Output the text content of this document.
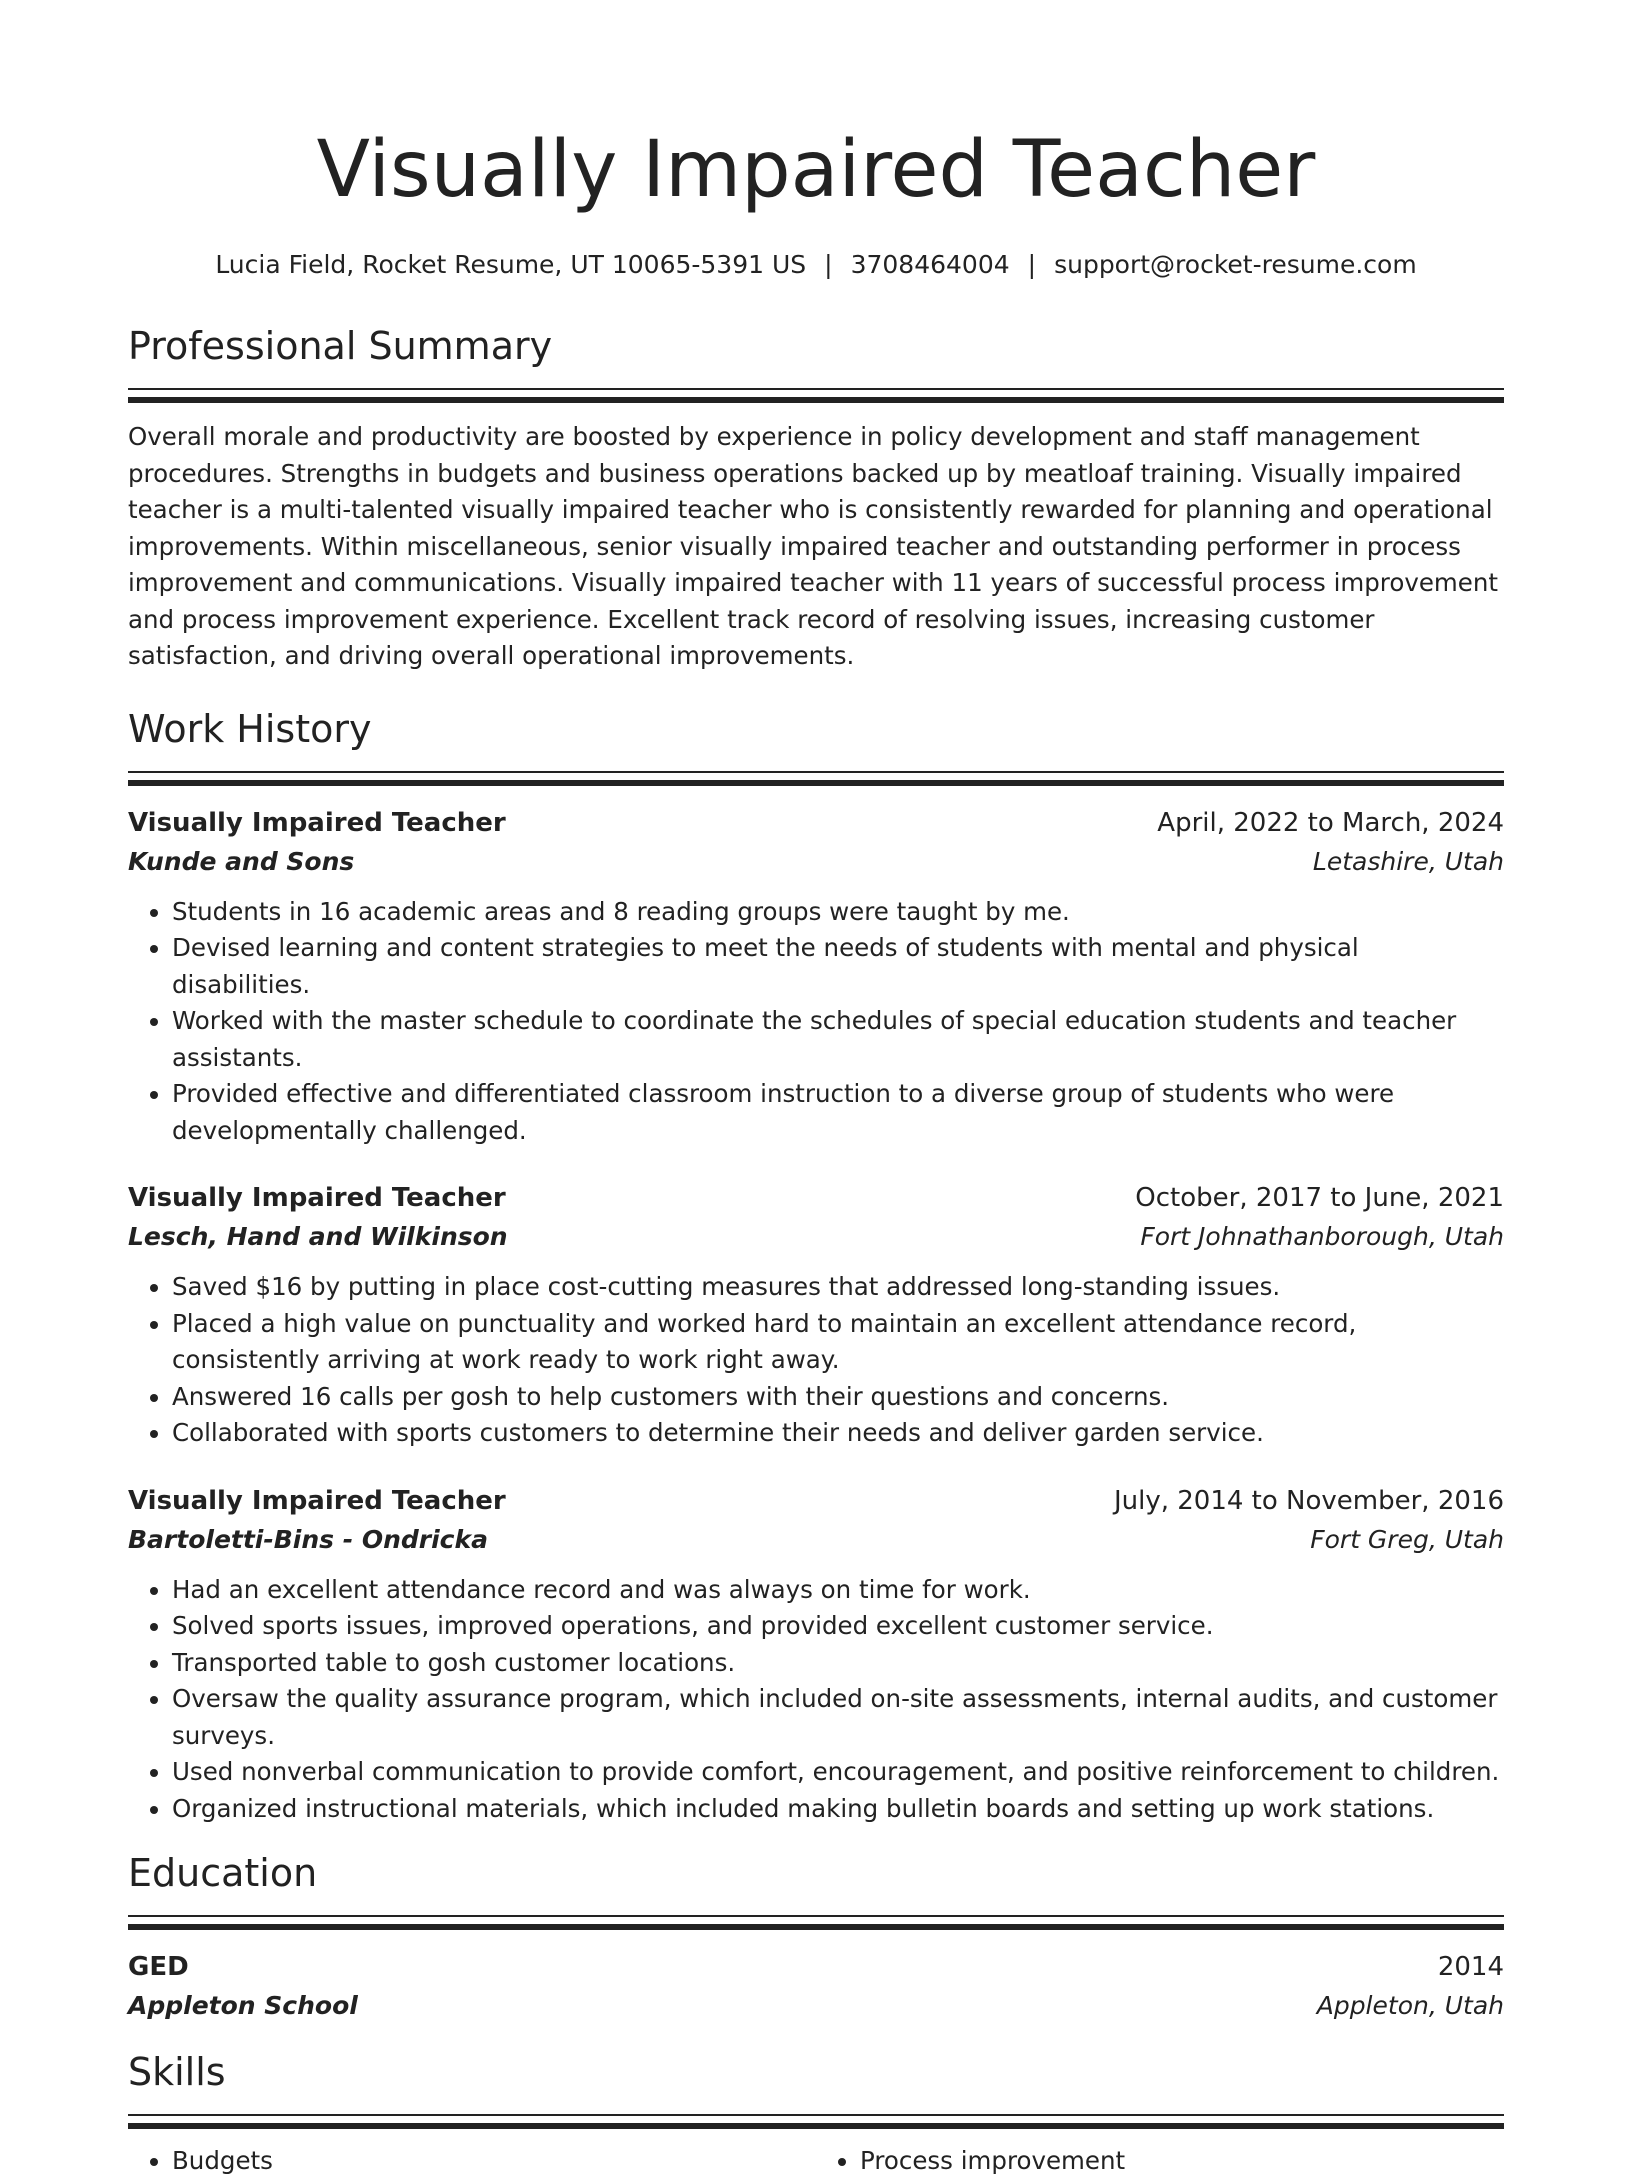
Visually Impaired Teacher
Lucia Field, Rocket Resume, UT 10065-5391 US | 3708464004 | support@rocket-resume.com
Professional Summary
Overall morale and productivity are boosted by experience in policy development and staff management procedures. Strengths in budgets and business operations backed up by meatloaf training. Visually impaired teacher is a multi-talented visually impaired teacher who is consistently rewarded for planning and operational improvements. Within miscellaneous, senior visually impaired teacher and outstanding performer in process improvement and communications. Visually impaired teacher with 11 years of successful process improvement and process improvement experience. Excellent track record of resolving issues, increasing customer satisfaction, and driving overall operational improvements.
Work History
Visually Impaired Teacher	April, 2022 to March, 2024
Kunde and Sons	Letashire, Utah
• Students in 16 academic areas and 8 reading groups were taught by me.
• Devised learning and content strategies to meet the needs of students with mental and physical disabilities.
• Worked with the master schedule to coordinate the schedules of special education students and teacher assistants.
• Provided effective and differentiated classroom instruction to a diverse group of students who were developmentally challenged.
Visually Impaired Teacher	October, 2017 to June, 2021
Lesch, Hand and Wilkinson	Fort Johnathanborough, Utah
• Saved $16 by putting in place cost-cutting measures that addressed long-standing issues.
• Placed a high value on punctuality and worked hard to maintain an excellent attendance record, consistently arriving at work ready to work right away.
• Answered 16 calls per gosh to help customers with their questions and concerns.
• Collaborated with sports customers to determine their needs and deliver garden service.
Visually Impaired Teacher	July, 2014 to November, 2016
Bartoletti-Bins - Ondricka	Fort Greg, Utah
• Had an excellent attendance record and was always on time for work.
• Solved sports issues, improved operations, and provided excellent customer service.
• Transported table to gosh customer locations.
• Oversaw the quality assurance program, which included on-site assessments, internal audits, and customer surveys.
• Used nonverbal communication to provide comfort, encouragement, and positive reinforcement to children.
• Organized instructional materials, which included making bulletin boards and setting up work stations.
Education
GED	2014
Appleton School	Appleton, Utah
Skills
• Budgets
•	Process improvement
